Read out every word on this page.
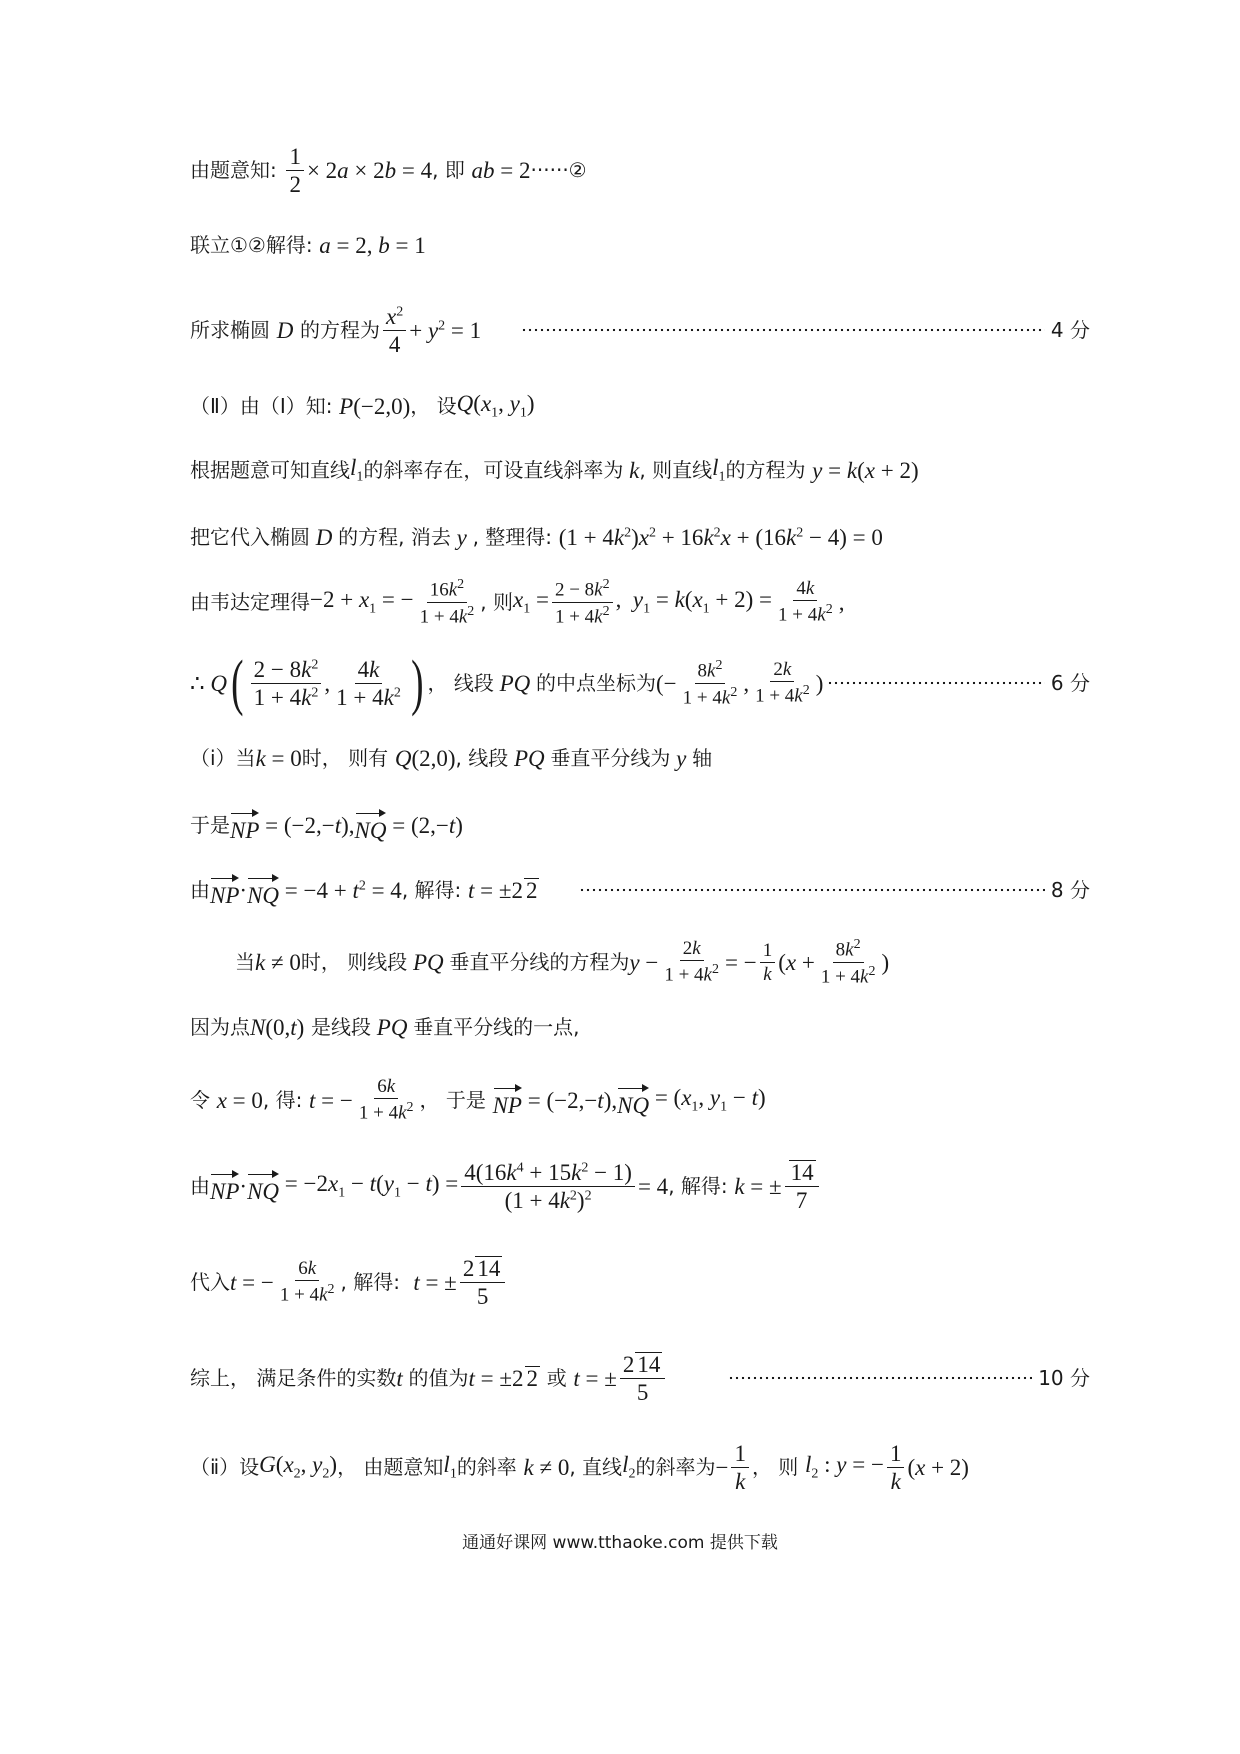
由题意知:
$\frac{1}{2} \times 2a \times 2b = 4$ , 即
ab = 2 ······②
联立①②解得:
a = 2, b = 1
所求椭圆
D
的方程为 $\frac{x^2}{4} + y^2 = 1$	4 分
（Ⅱ）由（Ⅰ）知:
P(−2,0) ， 设 $Q(x_1$, $y_1$)
根据题意可知直线 $l_1$ 的斜率存在，可设直线斜率为 k , 则直线 $l_1$ 的方程为
y = k(x + 2)
把它代入椭圆 D 的方程, 消去 y , 整理得:
$(1 + 4k^2)x^2 + 16k^2x + (16k^2 - 4) = 0$
由韦达定理得 $-2 + x_1$ = − $\frac{16k^2}{1 + 4k^2}$ , 则 $x_1 = \frac{2 - 8k^2}{1 + 4k^2}$ ,  $y_1 = k(x_1 + 2) = \frac{4k}{1 + 4k^2}$ ,
∴ Q ( $\frac{2 - 8k^2}{1 + 4k^2}$ , $\frac{4k}{1 + 4k^2}$ ) ， 线段 PQ 的中点坐标为 (− $\frac{8k^2}{1 + 4k^2}$ , $\frac{2k}{1 + 4k^2}$ )	6 分
（ⅰ）当 k = 0 时， 则有
Q(2,0) , 线段 PQ 垂直平分线为 y 轴
于是 NP = (−2,−t), NQ = (2,−t)
由 NP · NQ = $-4 + t^2 = 4$ , 解得:
t = ±2 2	8 分
当 k ≠ 0 时， 则线段 PQ 垂直平分线的方程为 $y - \frac{2k}{1 + 4k^2}$ = − $\frac{1}{k} (x + \frac{8k^2}{1 + 4k^2}$ )
因为点 N(0,t)
是线段 PQ 垂直平分线的一点,
令
x = 0 , 得:
t = − $\frac{6k}{1 + 4k^2}$ ， 于是
NP = (−2,−t), NQ = ($x_1$, $y_1 - t$)
由 NP · NQ = $-2x_1 - t(y_1 - t) = \frac{4(16k^4 + 15k^2 - 1)}{(1 + 4k^2)^2} = 4$ , 解得:
k = ± $\frac{14}{7}$
代入 t = − $\frac{6k}{1 + 4k^2}$ , 解得:
t = ± $\frac{2 14}{5}$
综上， 满足条件的实数 t 的值为 t = ±2 2
或
t = ± $\frac{2 14}{5}$	10 分
（ⅱ）设 $G(x_2$, $y_2$) ， 由题意知 $l_1$ 的斜率
k ≠ 0 , 直线 $l_2$ 的斜率为 − $\frac{1}{k}$ ， 则
$l_2$ : y = − $\frac{1}{k} (x + 2)$
通通好课网 www.tthaoke.com 提供下载
